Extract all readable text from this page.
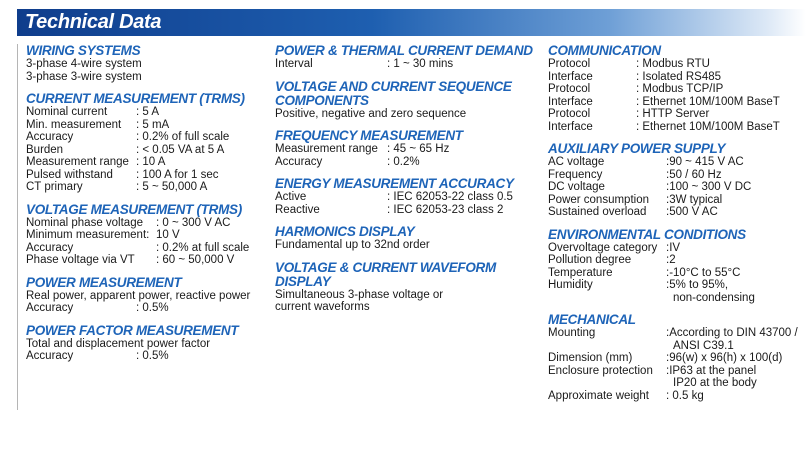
Technical Data
WIRING SYSTEMS
3-phase 4-wire system
3-phase 3-wire system
CURRENT MEASUREMENT (TRMS)
Nominal current	: 5 A
Min. measurement	: 5 mA
Accuracy	: 0.2% of full scale
Burden	: < 0.05 VA at 5 A
Measurement range : 10 A
Pulsed withstand	: 100 A for 1 sec
CT primary	: 5 ~ 50,000 A
VOLTAGE MEASUREMENT (TRMS)
Nominal phase voltage	: 0 ~ 300 V AC
Minimum measurement: 10 V
Accuracy	: 0.2% at full scale
Phase voltage via VT	: 60 ~ 50,000 V
POWER MEASUREMENT
Real power, apparent power, reactive power
Accuracy	: 0.5%
POWER FACTOR MEASUREMENT
Total and displacement power factor
Accuracy	: 0.5%
POWER & THERMAL CURRENT DEMAND
Interval	: 1 ~ 30 mins
VOLTAGE AND CURRENT SEQUENCE
COMPONENTS
Positive, negative and zero sequence
FREQUENCY MEASUREMENT
Measurement range : 45 ~ 65 Hz
Accuracy	: 0.2%
ENERGY MEASUREMENT ACCURACY
Active	: IEC 62053-22 class 0.5
Reactive	: IEC 62053-23 class 2
HARMONICS DISPLAY
Fundamental up to 32nd order
VOLTAGE & CURRENT WAVEFORM
DISPLAY
Simultaneous 3-phase voltage or
current waveforms
COMMUNICATION
Protocol	: Modbus RTU
Interface	: Isolated RS485
Protocol	: Modbus TCP/IP
Interface	: Ethernet 10M/100M BaseT
Protocol	: HTTP Server
Interface	: Ethernet 10M/100M BaseT
AUXILIARY POWER SUPPLY
AC voltage	:90 ~ 415 V AC
Frequency	:50 / 60 Hz
DC voltage	:100 ~ 300 V DC
Power consumption	:3W typical
Sustained overload	:500 V AC
ENVIRONMENTAL CONDITIONS
Overvoltage category :IV
Pollution degree	:2
Temperature	:-10°C to 55°C
Humidity	:5% to 95%,
non-condensing
MECHANICAL
Mounting	:According to DIN 43700 /
ANSI C39.1
Dimension (mm)	:96(w) x 96(h) x 100(d)
Enclosure protection	:IP63 at the panel
IP20 at the body
Approximate weight	: 0.5 kg
